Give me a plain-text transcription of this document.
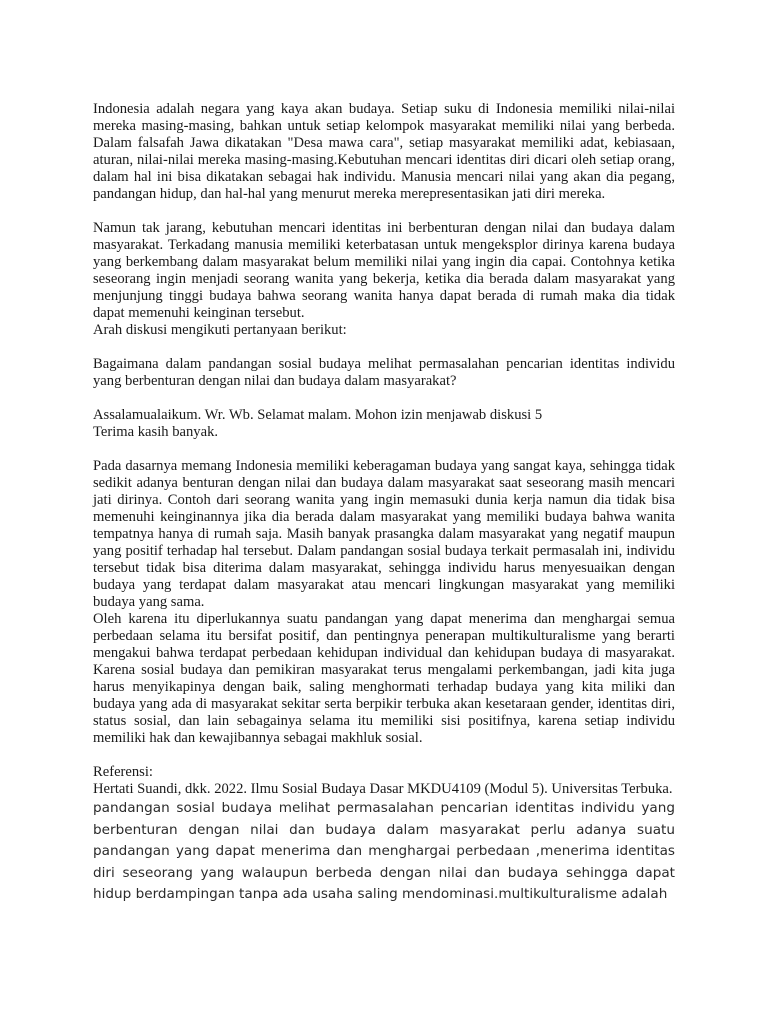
Indonesia adalah negara yang kaya akan budaya. Setiap suku di Indonesia memiliki nilai-nilai mereka masing-masing, bahkan untuk setiap kelompok masyarakat memiliki nilai yang berbeda. Dalam falsafah Jawa dikatakan "Desa mawa cara", setiap masyarakat memiliki adat, kebiasaan, aturan, nilai-nilai mereka masing-masing.Kebutuhan mencari identitas diri dicari oleh setiap orang, dalam hal ini bisa dikatakan sebagai hak individu. Manusia mencari nilai yang akan dia pegang, pandangan hidup, dan hal-hal yang menurut mereka merepresentasikan jati diri mereka.

Namun tak jarang, kebutuhan mencari identitas ini berbenturan dengan nilai dan budaya dalam masyarakat. Terkadang manusia memiliki keterbatasan untuk mengeksplor dirinya karena budaya yang berkembang dalam masyarakat belum memiliki nilai yang ingin dia capai. Contohnya ketika seseorang ingin menjadi seorang wanita yang bekerja, ketika dia berada dalam masyarakat yang menjunjung tinggi budaya bahwa seorang wanita hanya dapat berada di rumah maka dia tidak dapat memenuhi keinginan tersebut.

Arah diskusi mengikuti pertanyaan berikut:

Bagaimana dalam pandangan sosial budaya melihat permasalahan pencarian identitas individu yang berbenturan dengan nilai dan budaya dalam masyarakat?

Assalamualaikum. Wr. Wb. Selamat malam. Mohon izin menjawab diskusi 5

Terima kasih banyak.

Pada dasarnya memang Indonesia memiliki keberagaman budaya yang sangat kaya, sehingga tidak sedikit adanya benturan dengan nilai dan budaya dalam masyarakat saat seseorang masih mencari jati dirinya. Contoh dari seorang wanita yang ingin memasuki dunia kerja namun dia tidak bisa memenuhi keinginannya jika dia berada dalam masyarakat yang memiliki budaya bahwa wanita tempatnya hanya di rumah saja. Masih banyak prasangka dalam masyarakat yang negatif maupun yang positif terhadap hal tersebut. Dalam pandangan sosial budaya terkait permasalah ini, individu tersebut tidak bisa diterima dalam masyarakat, sehingga individu harus menyesuaikan dengan budaya yang terdapat dalam masyarakat atau mencari lingkungan masyarakat yang memiliki budaya yang sama.

Oleh karena itu diperlukannya suatu pandangan yang dapat menerima dan menghargai semua perbedaan selama itu bersifat positif, dan pentingnya penerapan multikulturalisme yang berarti mengakui bahwa terdapat perbedaan kehidupan individual dan kehidupan budaya di masyarakat. Karena sosial budaya dan pemikiran masyarakat terus mengalami perkembangan, jadi kita juga harus menyikapinya dengan baik, saling menghormati terhadap budaya yang kita miliki dan budaya yang ada di masyarakat sekitar serta berpikir terbuka akan kesetaraan gender, identitas diri, status sosial, dan lain sebagainya selama itu memiliki sisi positifnya, karena setiap individu memiliki hak dan kewajibannya sebagai makhluk sosial.

Referensi:

Hertati Suandi, dkk. 2022. Ilmu Sosial Budaya Dasar MKDU4109 (Modul 5). Universitas Terbuka.

pandangan sosial budaya melihat permasalahan pencarian identitas individu yang berbenturan dengan nilai dan budaya dalam masyarakat perlu adanya suatu pandangan yang dapat menerima dan menghargai perbedaan ,menerima identitas diri seseorang yang walaupun berbeda dengan nilai dan budaya sehingga dapat hidup berdampingan tanpa ada usaha saling mendominasi.multikulturalisme adalah
